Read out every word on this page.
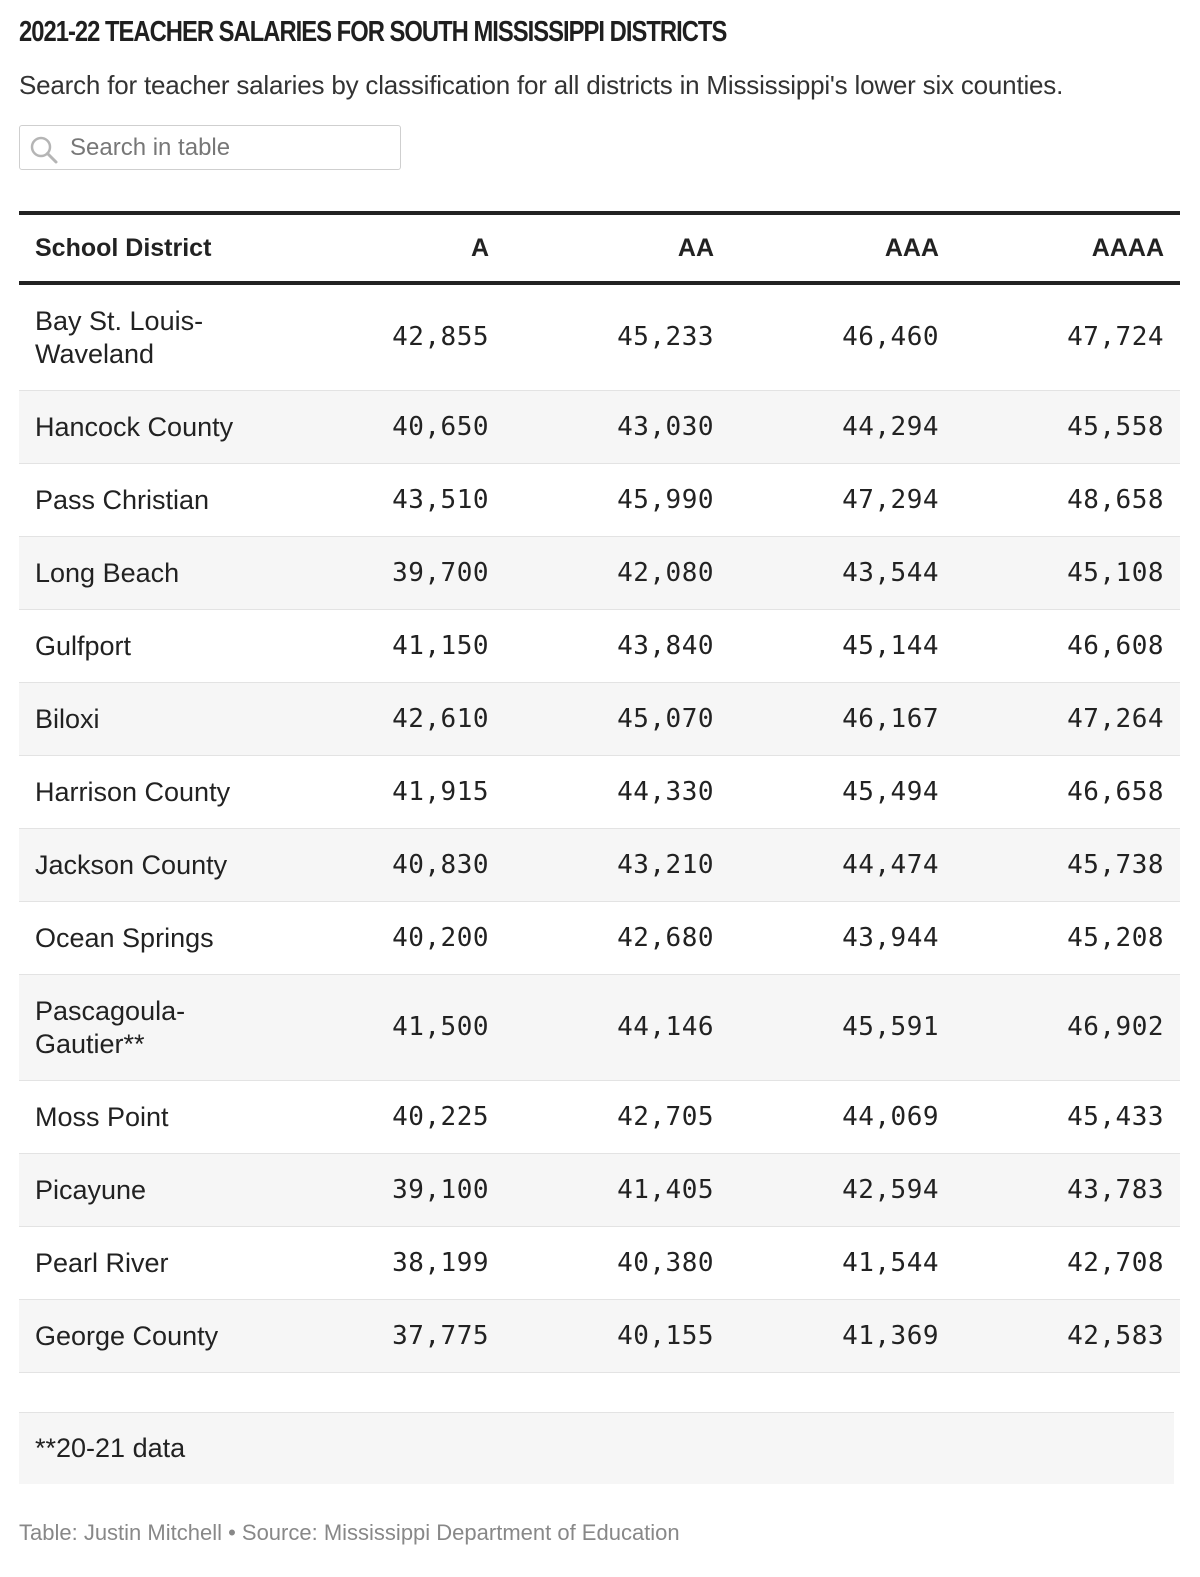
2021-22 TEACHER SALARIES FOR SOUTH MISSISSIPPI DISTRICTS
Search for teacher salaries by classification for all districts in Mississippi's lower six counties.
Search in table
School District	A	AA	AAA	AAAA
Bay St. Louis-Waveland	42,855	45,233	46,460	47,724
Hancock County	40,650	43,030	44,294	45,558
Pass Christian	43,510	45,990	47,294	48,658
Long Beach	39,700	42,080	43,544	45,108
Gulfport	41,150	43,840	45,144	46,608
Biloxi	42,610	45,070	46,167	47,264
Harrison County	41,915	44,330	45,494	46,658
Jackson County	40,830	43,210	44,474	45,738
Ocean Springs	40,200	42,680	43,944	45,208
Pascagoula-Gautier**	41,500	44,146	45,591	46,902
Moss Point	40,225	42,705	44,069	45,433
Picayune	39,100	41,405	42,594	43,783
Pearl River	38,199	40,380	41,544	42,708
George County	37,775	40,155	41,369	42,583
**20-21 data
Table: Justin Mitchell • Source: Mississippi Department of Education
